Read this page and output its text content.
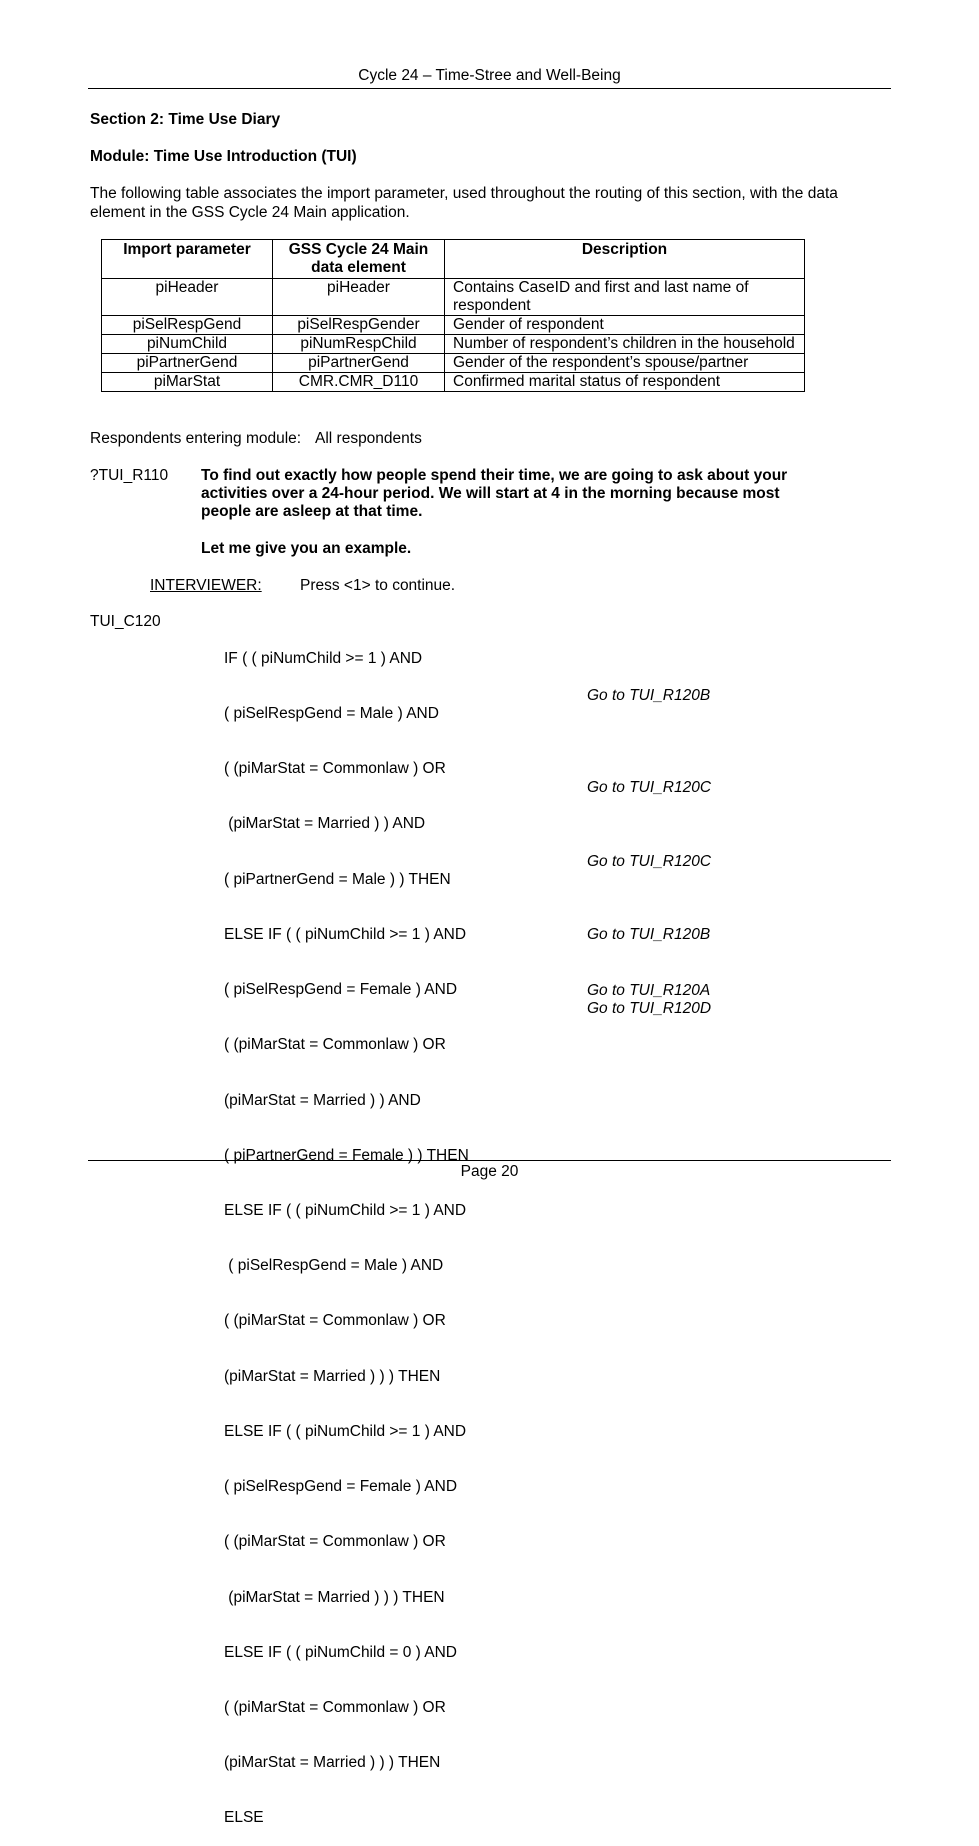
Cycle 24 – Time-Stree and Well-Being
Section 2: Time Use Diary
Module: Time Use Introduction (TUI)
The following table associates the import parameter, used throughout the routing of this section, with the data element in the GSS Cycle 24 Main application.
Import parameter	GSS Cycle 24 Main data element	Description
piHeader	piHeader	Contains CaseID and first and last name of respondent
piSelRespGend	piSelRespGender	Gender of respondent
piNumChild	piNumRespChild	Number of respondent’s children in the household
piPartnerGend	piPartnerGend	Gender of the respondent’s spouse/partner
piMarStat	CMR.CMR_D110	Confirmed marital status of respondent
Respondents entering module: All respondents
?TUI_R110 To find out exactly how people spend their time, we are going to ask about your activities over a 24-hour period. We will start at 4 in the morning because most people are asleep at that time.
Let me give you an example.
INTERVIEWER: Press <1> to continue.
TUI_C120

IF ( ( piNumChild >= 1 ) AND

( piSelRespGend = Male ) AND

( (piMarStat = Commonlaw ) OR

(piMarStat = Married ) ) AND

( piPartnerGend = Male ) ) THEN

ELSE IF ( ( piNumChild >= 1 ) AND

( piSelRespGend = Female ) AND

( (piMarStat = Commonlaw ) OR

(piMarStat = Married ) ) AND

( piPartnerGend = Female ) ) THEN

ELSE IF ( ( piNumChild >= 1 ) AND

( piSelRespGend = Male ) AND

( (piMarStat = Commonlaw ) OR

(piMarStat = Married ) ) ) THEN

ELSE IF ( ( piNumChild >= 1 ) AND

( piSelRespGend = Female ) AND

( (piMarStat = Commonlaw ) OR

(piMarStat = Married ) ) ) THEN

ELSE IF ( ( piNumChild = 0 ) AND

( (piMarStat = Commonlaw ) OR

(piMarStat = Married ) ) ) THEN

ELSE

Go to TUI_R120B
Go to TUI_R120C
Go to TUI_R120C
Go to TUI_R120B
Go to TUI_R120A
Go to TUI_R120D
Page 20
